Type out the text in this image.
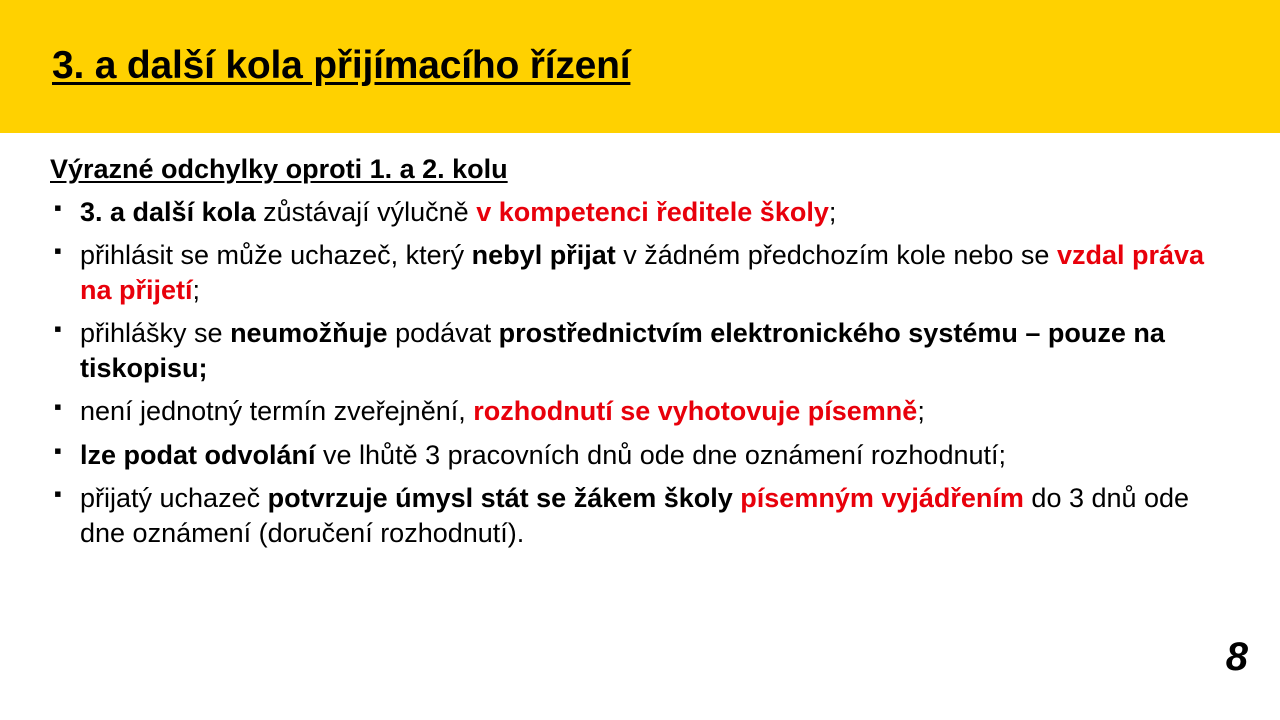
3. a další kola přijímacího řízení

Výrazné odchylky oproti 1. a 2. kolu

▪ 3. a další kola zůstávají výlučně v kompetenci ředitele školy;
▪ přihlásit se může uchazeč, který nebyl přijat v žádném předchozím kole nebo se vzdal práva na přijetí;
▪ přihlášky se neumožňuje podávat prostřednictvím elektronického systému – pouze na tiskopisu;
▪ není jednotný termín zveřejnění, rozhodnutí se vyhotovuje písemně;
▪ lze podat odvolání ve lhůtě 3 pracovních dnů ode dne oznámení rozhodnutí;
▪ přijatý uchazeč potvrzuje úmysl stát se žákem školy písemným vyjádřením do 3 dnů ode dne oznámení (doručení rozhodnutí).
8
